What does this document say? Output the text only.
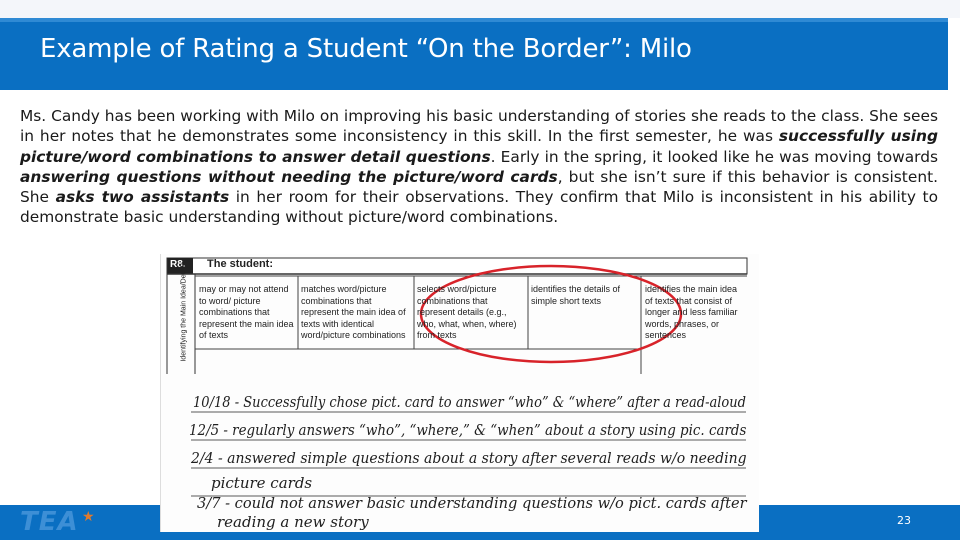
Example of Rating a Student “On the Border”: Milo
Ms. Candy has been working with Milo on improving his basic understanding of stories she reads to the class. She sees in her notes that he demonstrates some inconsistency in this skill. In the first semester, he was successfully using picture/word combinations to answer detail questions. Early in the spring, it looked like he was moving towards answering questions without needing the picture/word cards, but she isn’t sure if this behavior is consistent. She asks two assistants in her room for their observations. They confirm that Milo is inconsistent in his ability to demonstrate basic understanding without picture/word combinations.
TEA ★	23
R8. The student:
Identifying the Main Idea/Details may or may not attend to word/ picture combinations that represent the main idea of texts
matches word/picture combinations that represent the main idea of texts with identical word/picture combinations
selects word/picture combinations that represent details (e.g., who, what, when, where) from texts
identifies the details of simple short texts
identifies the main idea of texts that consist of longer and less familiar words, phrases, or sentences
10/18 - Successfully chose pict. card to answer “who” & “where” after a read-aloud
12/5 - regularly answers “who”, “where,” & “when” about a story using pic. cards
2/4 - answered simple questions about a story after several reads w/o needing
picture cards
3/7 - could not answer basic understanding questions w/o pict. cards after
reading a new story
